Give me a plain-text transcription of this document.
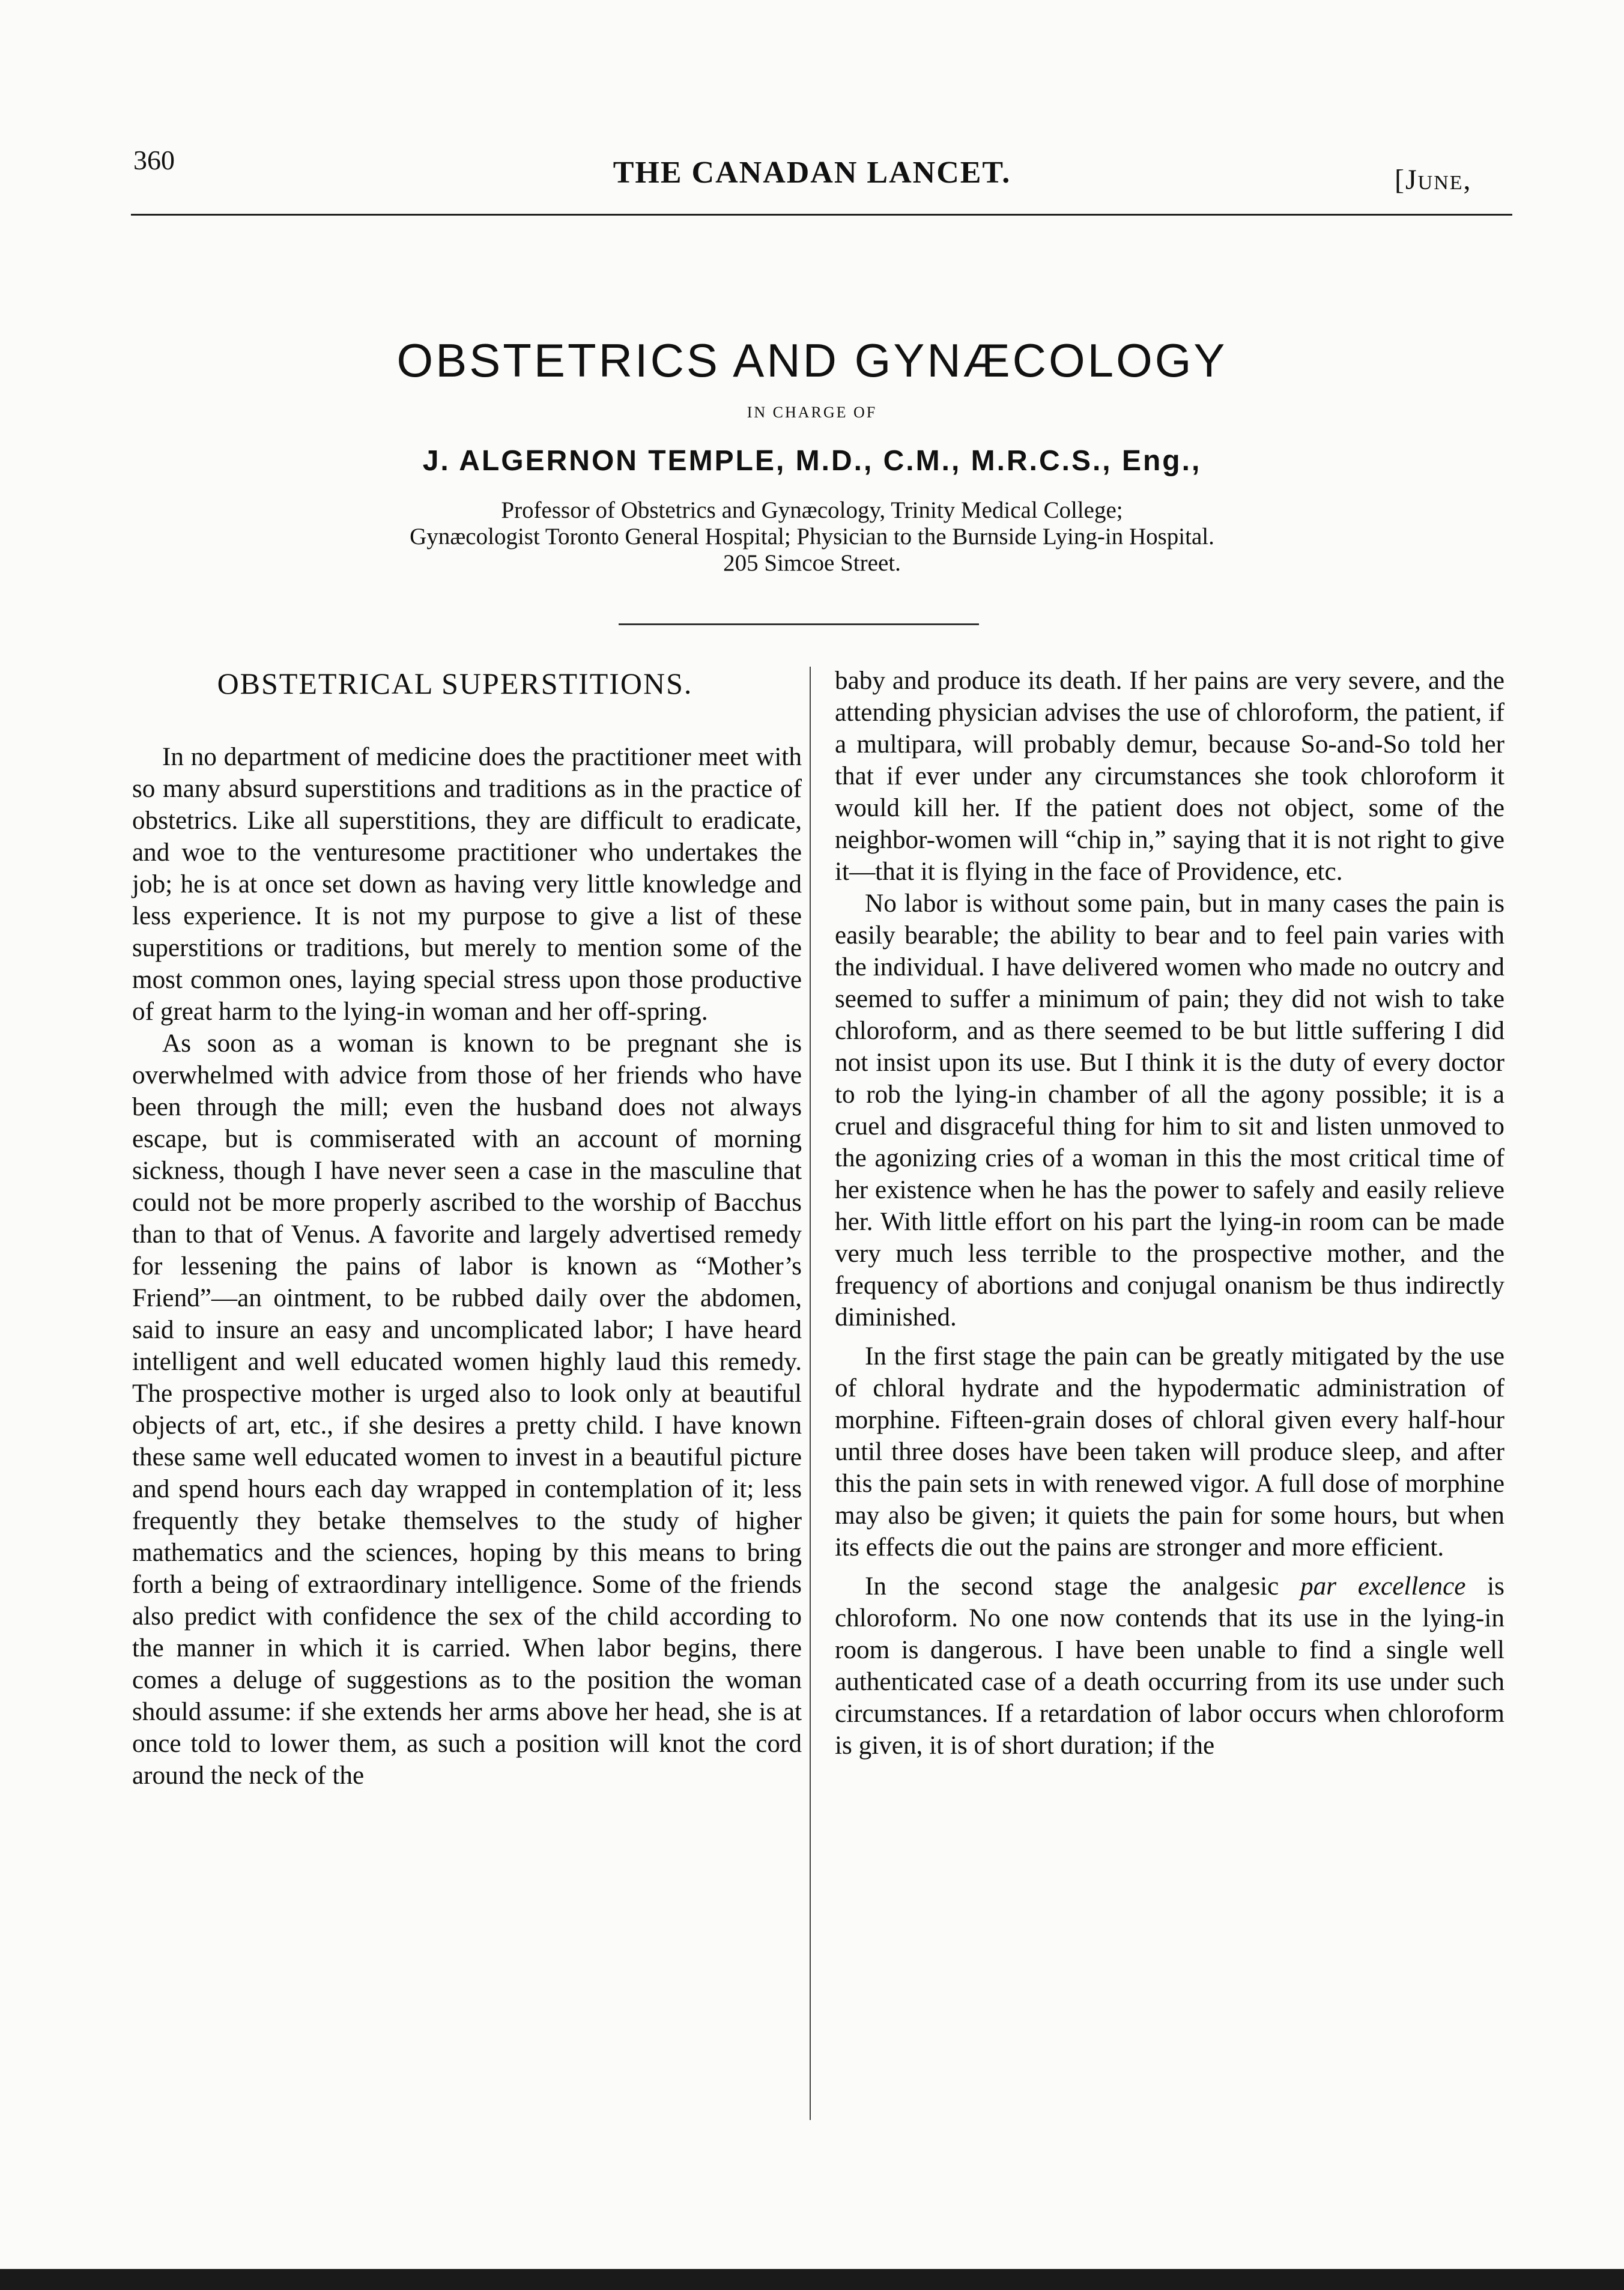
360	THE CANADAN LANCET.	[June,
OBSTETRICS AND GYNÆCOLOGY
IN CHARGE OF
J. ALGERNON TEMPLE, M.D., C.M., M.R.C.S., Eng.,
Professor of Obstetrics and Gynæcology, Trinity Medical College;
Gynæcologist Toronto General Hospital; Physician to the Burnside Lying-in Hospital.
205 Simcoe Street.
OBSTETRICAL SUPERSTITIONS.

In no department of medicine does the practitioner meet with so many absurd superstitions and traditions as in the practice of obstetrics. Like all superstitions, they are difficult to eradicate, and woe to the venturesome practitioner who undertakes the job; he is at once set down as having very little knowledge and less experience. It is not my purpose to give a list of these superstitions or traditions, but merely to mention some of the most common ones, laying special stress upon those productive of great harm to the lying-in woman and her off-spring.

As soon as a woman is known to be pregnant she is overwhelmed with advice from those of her friends who have been through the mill; even the husband does not always escape, but is commiserated with an account of morning sickness, though I have never seen a case in the masculine that could not be more properly ascribed to the worship of Bacchus than to that of Venus. A favorite and largely advertised remedy for lessening the pains of labor is known as “Mother’s Friend”—an ointment, to be rubbed daily over the abdomen, said to insure an easy and uncomplicated labor; I have heard intelligent and well educated women highly laud this remedy. The prospective mother is urged also to look only at beautiful objects of art, etc., if she desires a pretty child. I have known these same well educated women to invest in a beautiful picture and spend hours each day wrapped in contemplation of it; less frequently they betake themselves to the study of higher mathematics and the sciences, hoping by this means to bring forth a being of extraordinary intelligence. Some of the friends also predict with confidence the sex of the child according to the manner in which it is carried. When labor begins, there comes a deluge of suggestions as to the position the woman should assume: if she extends her arms above her head, she is at once told to lower them, as such a position will knot the cord around the neck of the

baby and produce its death. If her pains are very severe, and the attending physician advises the use of chloroform, the patient, if a multipara, will probably demur, because So-and-So told her that if ever under any circumstances she took chloroform it would kill her. If the patient does not object, some of the neighbor-women will “chip in,” saying that it is not right to give it—that it is flying in the face of Providence, etc.

No labor is without some pain, but in many cases the pain is easily bearable; the ability to bear and to feel pain varies with the individual. I have delivered women who made no outcry and seemed to suffer a minimum of pain; they did not wish to take chloroform, and as there seemed to be but little suffering I did not insist upon its use. But I think it is the duty of every doctor to rob the lying-in chamber of all the agony possible; it is a cruel and disgraceful thing for him to sit and listen unmoved to the agonizing cries of a woman in this the most critical time of her existence when he has the power to safely and easily relieve her. With little effort on his part the lying-in room can be made very much less terrible to the prospective mother, and the frequency of abortions and conjugal onanism be thus indirectly diminished.

In the first stage the pain can be greatly mitigated by the use of chloral hydrate and the hypodermatic administration of morphine. Fifteen-grain doses of chloral given every half-hour until three doses have been taken will produce sleep, and after this the pain sets in with renewed vigor. A full dose of morphine may also be given; it quiets the pain for some hours, but when its effects die out the pains are stronger and more efficient.

In the second stage the analgesic par excellence is chloroform. No one now contends that its use in the lying-in room is dangerous. I have been unable to find a single well authenticated case of a death occurring from its use under such circumstances. If a retardation of labor occurs when chloroform is given, it is of short duration; if the
